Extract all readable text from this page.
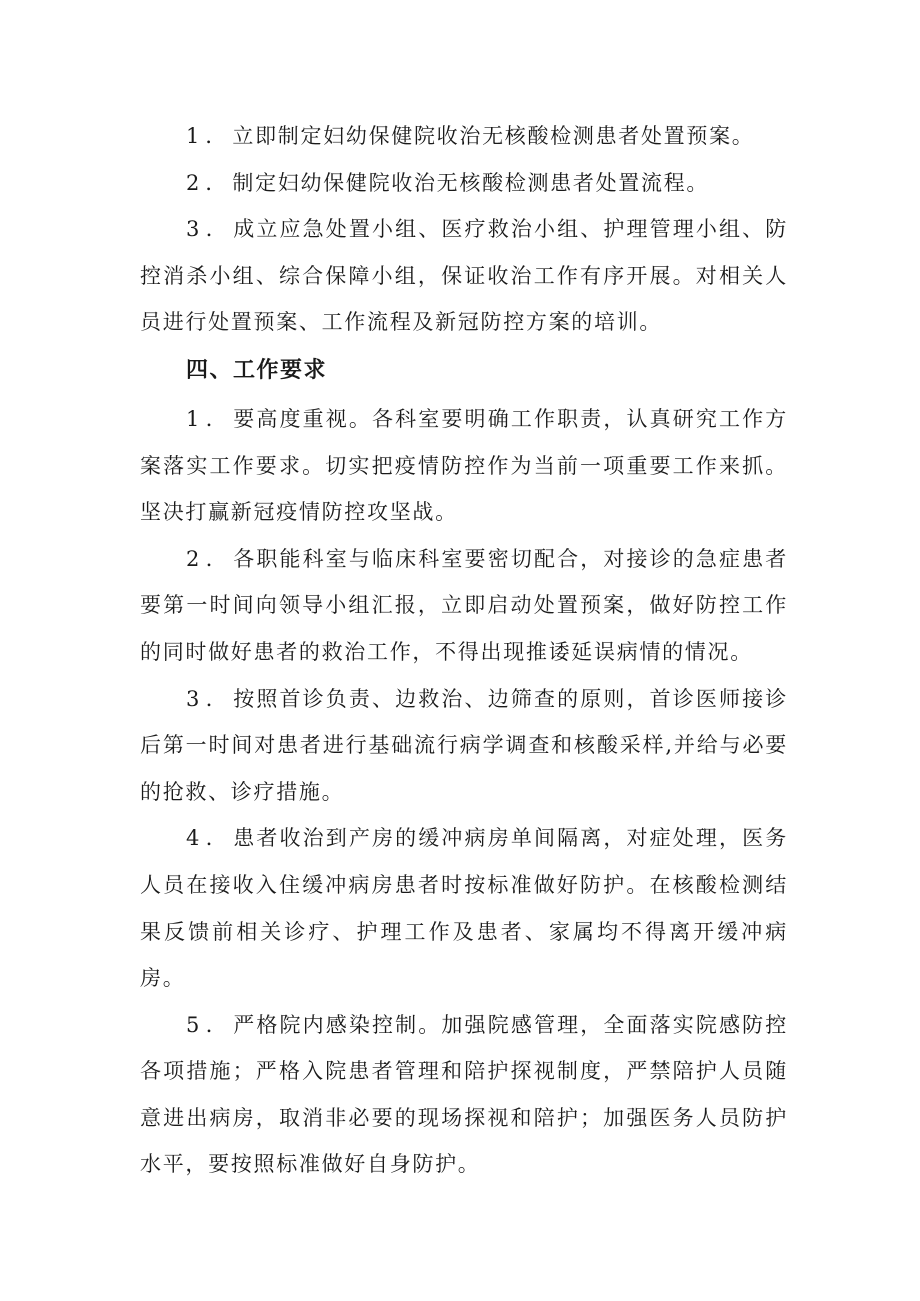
1．立即制定妇幼保健院收治无核酸检测患者处置预案。

2．制定妇幼保健院收治无核酸检测患者处置流程。

3．成立应急处置小组、医疗救治小组、护理管理小组、防控消杀小组、综合保障小组，保证收治工作有序开展。对相关人员进行处置预案、工作流程及新冠防控方案的培训。

四、工作要求

1．要高度重视。各科室要明确工作职责，认真研究工作方案落实工作要求。切实把疫情防控作为当前一项重要工作来抓。坚决打赢新冠疫情防控攻坚战。

2．各职能科室与临床科室要密切配合，对接诊的急症患者要第一时间向领导小组汇报，立即启动处置预案，做好防控工作的同时做好患者的救治工作，不得出现推诿延误病情的情况。

3．按照首诊负责、边救治、边筛查的原则，首诊医师接诊后第一时间对患者进行基础流行病学调查和核酸采样,并给与必要的抢救、诊疗措施。

4．患者收治到产房的缓冲病房单间隔离，对症处理，医务人员在接收入住缓冲病房患者时按标准做好防护。在核酸检测结果反馈前相关诊疗、护理工作及患者、家属均不得离开缓冲病房。

5．严格院内感染控制。加强院感管理，全面落实院感防控各项措施；严格入院患者管理和陪护探视制度，严禁陪护人员随意进出病房，取消非必要的现场探视和陪护；加强医务人员防护水平，要按照标准做好自身防护。
